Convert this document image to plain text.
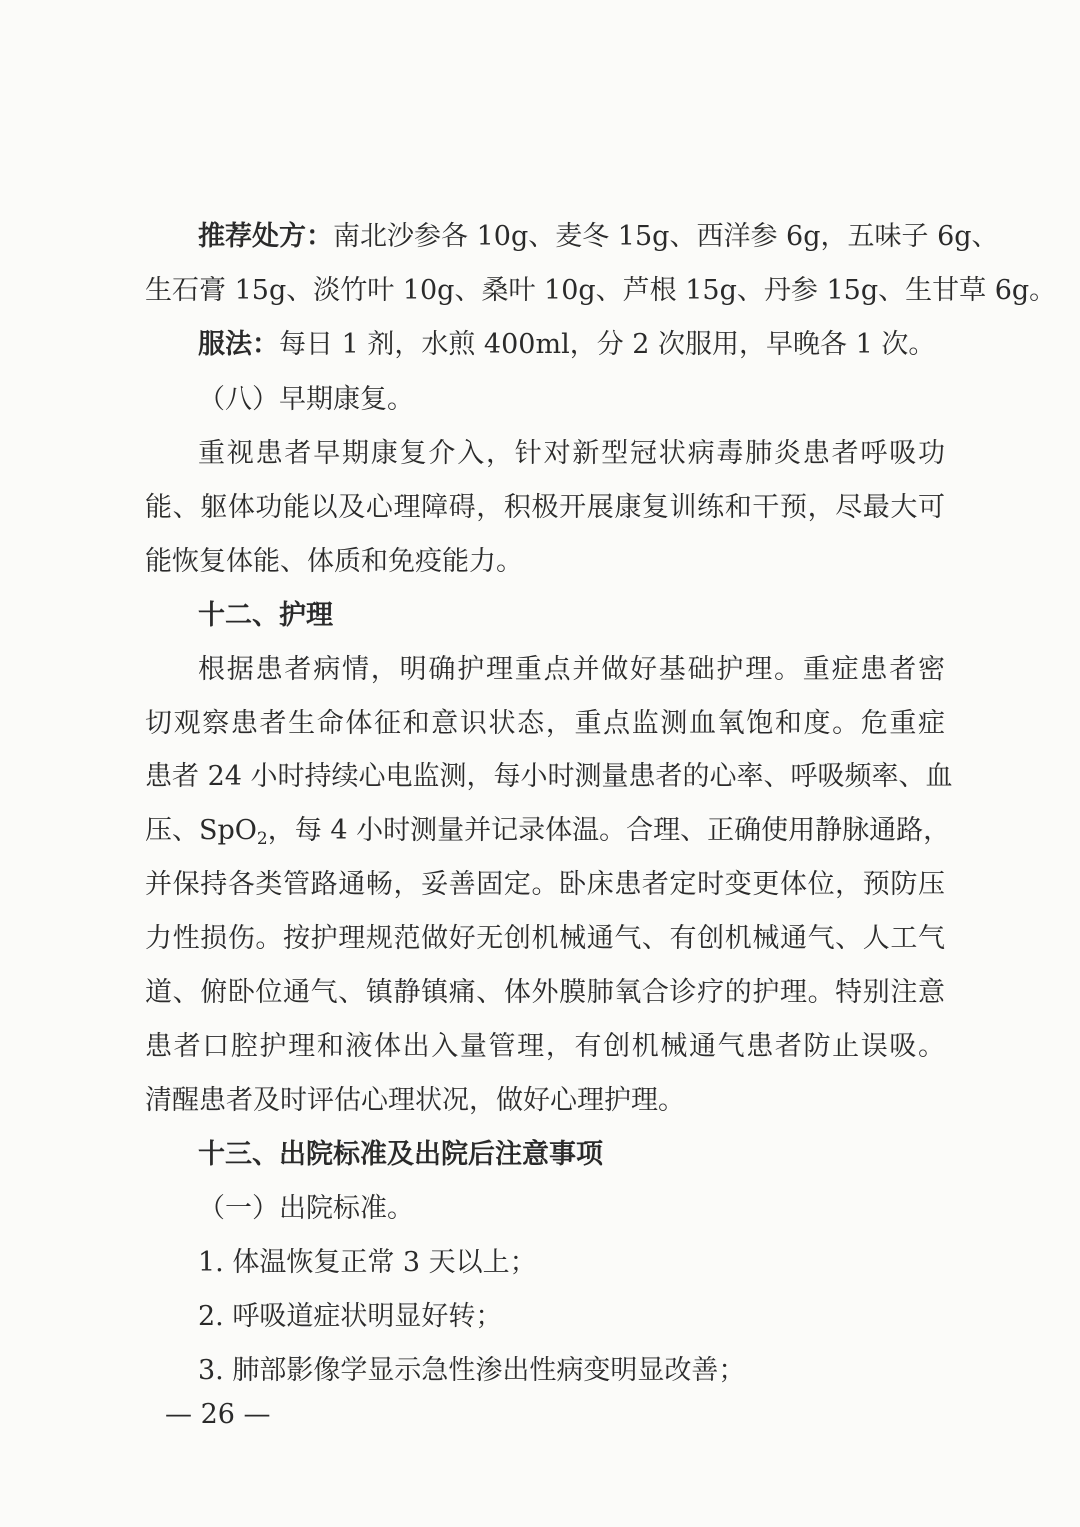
推荐处方：南北沙参各 10g、麦冬 15g、西洋参 6g，五味子 6g、
生石膏 15g、淡竹叶 10g、桑叶 10g、芦根 15g、丹参 15g、生甘草 6g。
服法：每日 1 剂，水煎 400ml，分 2 次服用，早晚各 1 次。
（八）早期康复。
重视患者早期康复介入，针对新型冠状病毒肺炎患者呼吸功
能、躯体功能以及心理障碍，积极开展康复训练和干预，尽最大可
能恢复体能、体质和免疫能力。
十二、护理
根据患者病情，明确护理重点并做好基础护理。重症患者密
切观察患者生命体征和意识状态，重点监测血氧饱和度。危重症
患者 24 小时持续心电监测，每小时测量患者的心率、呼吸频率、血
压、SpO$_2$，每 4 小时测量并记录体温。合理、正确使用静脉通路，
并保持各类管路通畅，妥善固定。卧床患者定时变更体位，预防压
力性损伤。按护理规范做好无创机械通气、有创机械通气、人工气
道、俯卧位通气、镇静镇痛、体外膜肺氧合诊疗的护理。特别注意
患者口腔护理和液体出入量管理，有创机械通气患者防止误吸。
清醒患者及时评估心理状况，做好心理护理。
十三、出院标准及出院后注意事项
（一）出院标准。
1. 体温恢复正常 3 天以上；
2. 呼吸道症状明显好转；
3. 肺部影像学显示急性渗出性病变明显改善；
— 26 —
